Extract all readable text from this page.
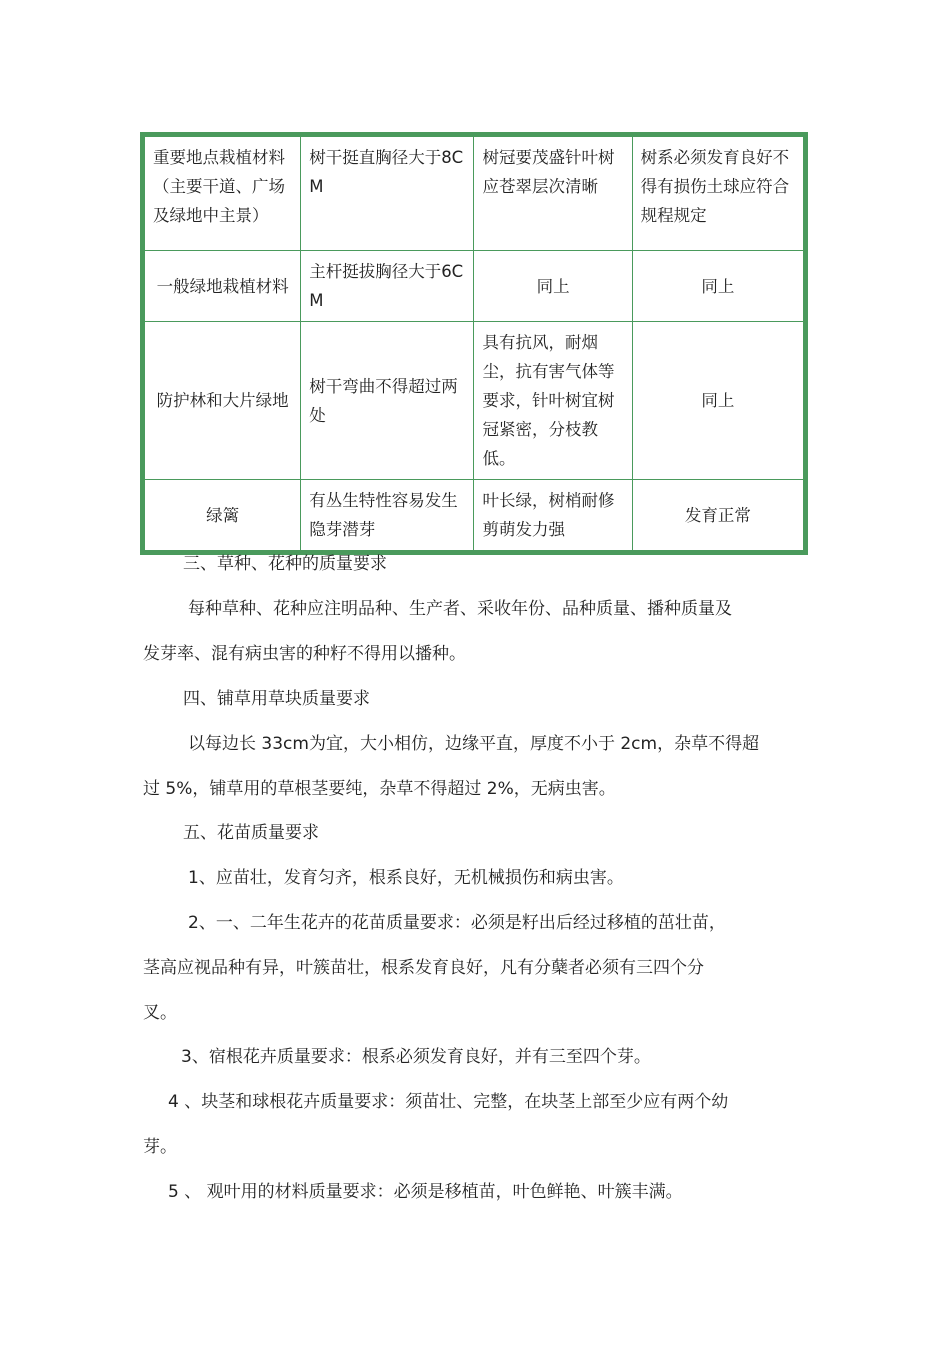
重要地点栽植材料（主要干道、广场及绿地中主景）	树干挺直胸径大于8CM	树冠要茂盛针叶树应苍翠层次清晰	树系必须发育良好不得有损伤土球应符合规程规定
一般绿地栽植材料	主杆挺拔胸径大于6CM	同上	同上
防护林和大片绿地	树干弯曲不得超过两处	具有抗风，耐烟尘，抗有害气体等要求，针叶树宜树冠紧密，分枝教低。	同上
绿篱	有丛生特性容易发生隐芽潜芽	叶长绿，树梢耐修剪萌发力强	发育正常

三、草种、花种的质量要求

每种草种、花种应注明品种、生产者、采收年份、品种质量、播种质量及

发芽率、混有病虫害的种籽不得用以播种。

四、铺草用草块质量要求

以每边长 33cm为宜，大小相仿，边缘平直，厚度不小于 2cm，杂草不得超

过 5%，铺草用的草根茎要纯，杂草不得超过 2%，无病虫害。

五、花苗质量要求

1、应苗壮，发育匀齐，根系良好，无机械损伤和病虫害。

2、一、二年生花卉的花苗质量要求：必须是籽出后经过移植的茁壮苗，

茎高应视品种有异，叶簇苗壮，根系发育良好，凡有分蘖者必须有三四个分

叉。

3、宿根花卉质量要求：根系必须发育良好，并有三至四个芽。

4 、块茎和球根花卉质量要求：须苗壮、完整，在块茎上部至少应有两个幼

芽。

5 、 观叶用的材料质量要求：必须是移植苗，叶色鲜艳、叶簇丰满。
